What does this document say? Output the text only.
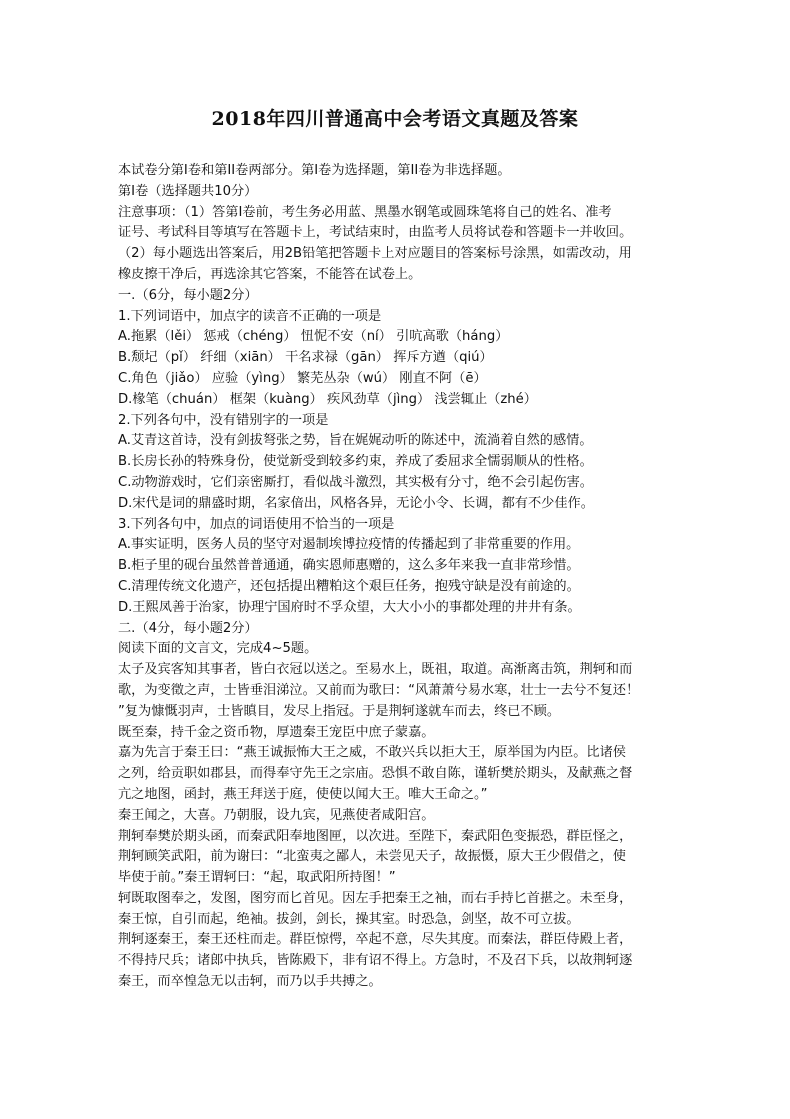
2018年四川普通高中会考语文真题及答案
本试卷分第Ⅰ卷和第II卷两部分。第Ⅰ卷为选择题，第II卷为非选择题。
第Ⅰ卷（选择题共10分）
注意事项：（1）答第Ⅰ卷前，考生务必用蓝、黑墨水钢笔或圆珠笔将自己的姓名、准考
证号、考试科目等填写在答题卡上，考试结束时，由监考人员将试卷和答题卡一并收回。
（2）每小题选出答案后，用2B铅笔把答题卡上对应题目的答案标号涂黑，如需改动，用
橡皮擦干净后，再选涂其它答案，不能答在试卷上。
一.（6分，每小题2分）
1.下列词语中，加点字的读音不正确的一项是
A.拖累（lěi） 惩戒（chéng） 忸怩不安（ní） 引吭高歌（háng）
B.颓圮（pǐ） 纤细（xiān） 干名求禄（gān） 挥斥方遒（qiú）
C.角色（jiǎo） 应验（yìng） 繁芜丛杂（wú） 刚直不阿（ē）
D.椽笔（chuán） 框架（kuàng） 疾风劲草（jìng） 浅尝辄止（zhé）
2.下列各句中，没有错别字的一项是
A.艾青这首诗，没有剑拔弩张之势，旨在娓娓动听的陈述中，流淌着自然的感情。
B.长房长孙的特殊身份，使觉新受到较多约束，养成了委屈求全懦弱顺从的性格。
C.动物游戏时，它们亲密厮打，看似战斗激烈，其实极有分寸，绝不会引起伤害。
D.宋代是词的鼎盛时期，名家偣出，风格各异，无论小令、长调，都有不少佳作。
3.下列各句中，加点的词语使用不恰当的一项是
A.事实证明，医务人员的坚守对遏制埃博拉疫情的传播起到了非常重要的作用。
B.柜子里的砚台虽然普普通通，确实恩师惠赠的，这么多年来我一直非常珍惜。
C.清理传统文化遗产，还包括提出糟粕这个艰巨任务，抱残守缺是没有前途的。
D.王熙凤善于治家，协理宁国府时不孚众望，大大小小的事都处理的井井有条。
二.（4分，每小题2分）
阅读下面的文言文，完成4~5题。
太子及宾客知其事者，皆白衣冠以送之。至易水上，既祖，取道。高渐离击筑，荆轲和而
歌，为变徵之声，士皆垂泪涕泣。又前而为歌曰：“风萧萧兮易水寒，壮士一去兮不复还！
”复为慷慨羽声，士皆瞋目，发尽上指冠。于是荆轲遂就车而去，终已不顾。
既至秦，持千金之资币物，厚遗秦王宠臣中庶子蒙嘉。
嘉为先言于秦王曰：“燕王诚振怖大王之威，不敢兴兵以拒大王，原举国为内臣。比诸侯
之列，给贡职如郡县，而得奉守先王之宗庙。恐惧不敢自陈，谨斩樊於期头，及献燕之督
亢之地图，函封，燕王拜送于庭，使使以闻大王。唯大王命之。”
秦王闻之，大喜。乃朝服，设九宾，见燕使者咸阳宫。
荆轲奉樊於期头函，而秦武阳奉地图匣，以次进。至陛下，秦武阳色变振恐，群臣怪之，
荆轲顾笑武阳，前为谢曰：“北蛮夷之鄙人，未尝见天子，故振慑，原大王少假借之，使
毕使于前。”秦王谓轲曰：“起，取武阳所持图！”
轲既取图奉之，发图，图穷而匕首见。因左手把秦王之袖，而右手持匕首揕之。未至身，
秦王惊，自引而起，绝袖。拔剑，剑长，操其室。时恐急，剑坚，故不可立拔。
荆轲逐秦王，秦王还柱而走。群臣惊愕，卒起不意，尽失其度。而秦法，群臣侍殿上者，
不得持尺兵；诸郎中执兵，皆陈殿下，非有诏不得上。方急时，不及召下兵，以故荆轲逐
秦王，而卒惶急无以击轲，而乃以手共搏之。
